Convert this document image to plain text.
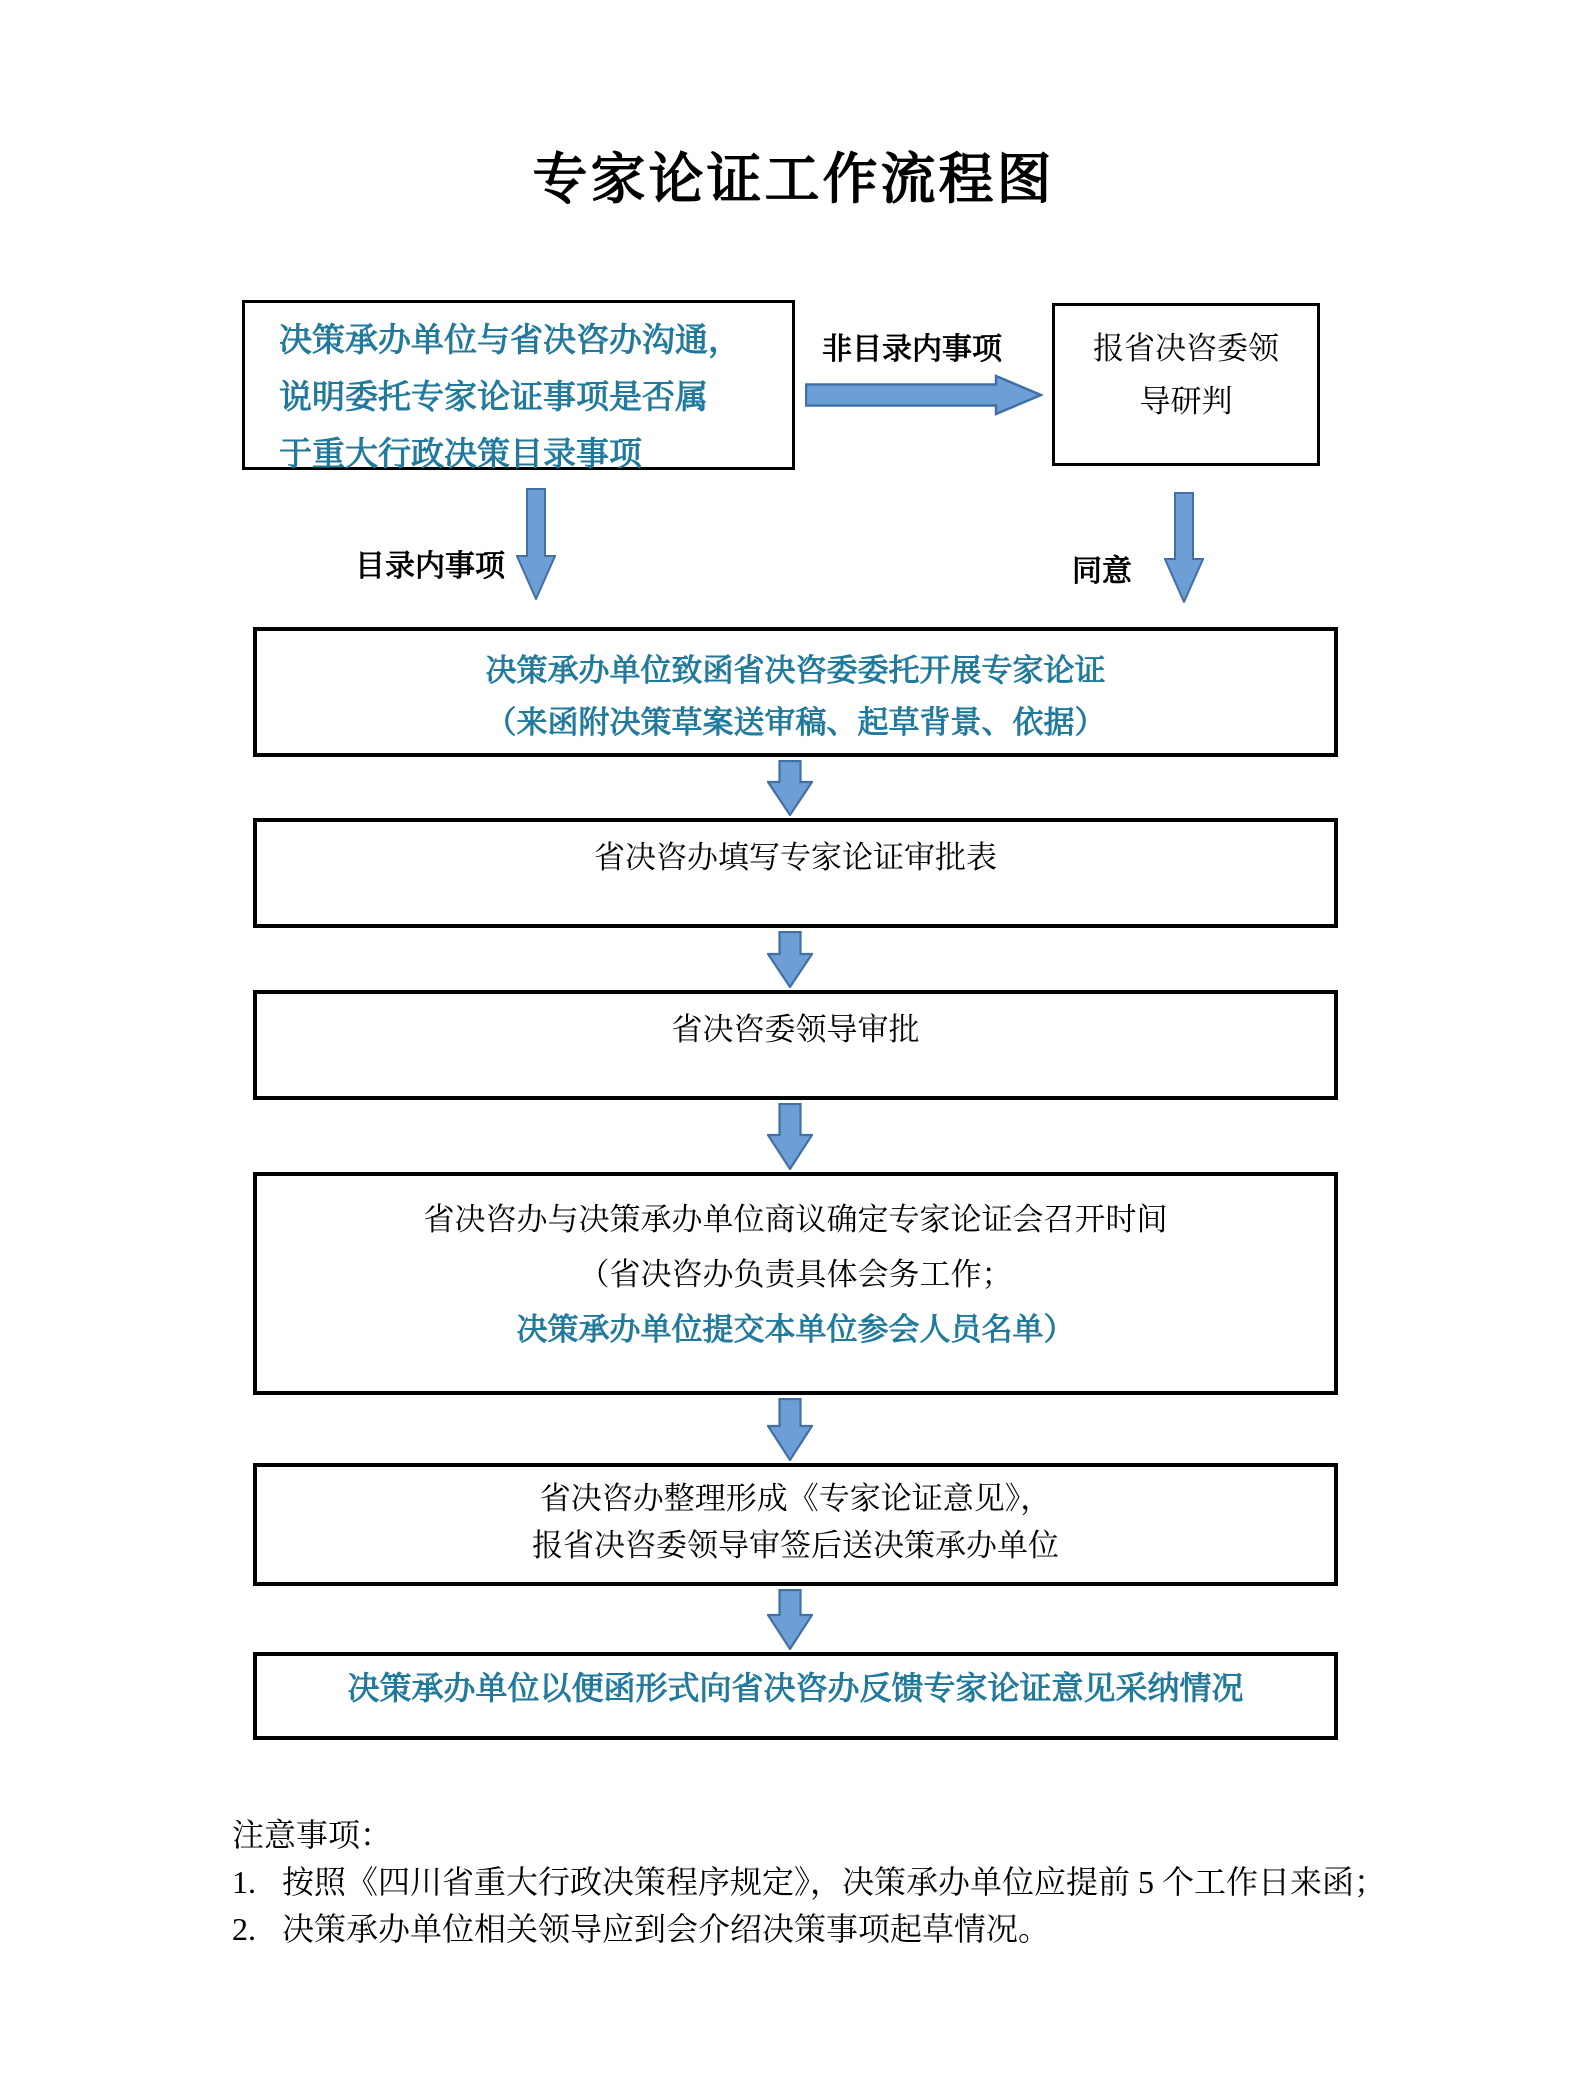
专家论证工作流程图
决策承办单位与省决咨办沟通，
说明委托专家论证事项是否属
于重大行政决策目录事项
非目录内事项	报省决咨委领
导研判
目录内事项	同意
决策承办单位致函省决咨委委托开展专家论证
（来函附决策草案送审稿、起草背景、依据）
省决咨办填写专家论证审批表
省决咨委领导审批
省决咨办与决策承办单位商议确定专家论证会召开时间
（省决咨办负责具体会务工作；
决策承办单位提交本单位参会人员名单）
省决咨办整理形成《专家论证意见》，
报省决咨委领导审签后送决策承办单位
决策承办单位以便函形式向省决咨办反馈专家论证意见采纳情况
注意事项：
1. 按照《四川省重大行政决策程序规定》，决策承办单位应提前 5 个工作日来函；
2. 决策承办单位相关领导应到会介绍决策事项起草情况。
